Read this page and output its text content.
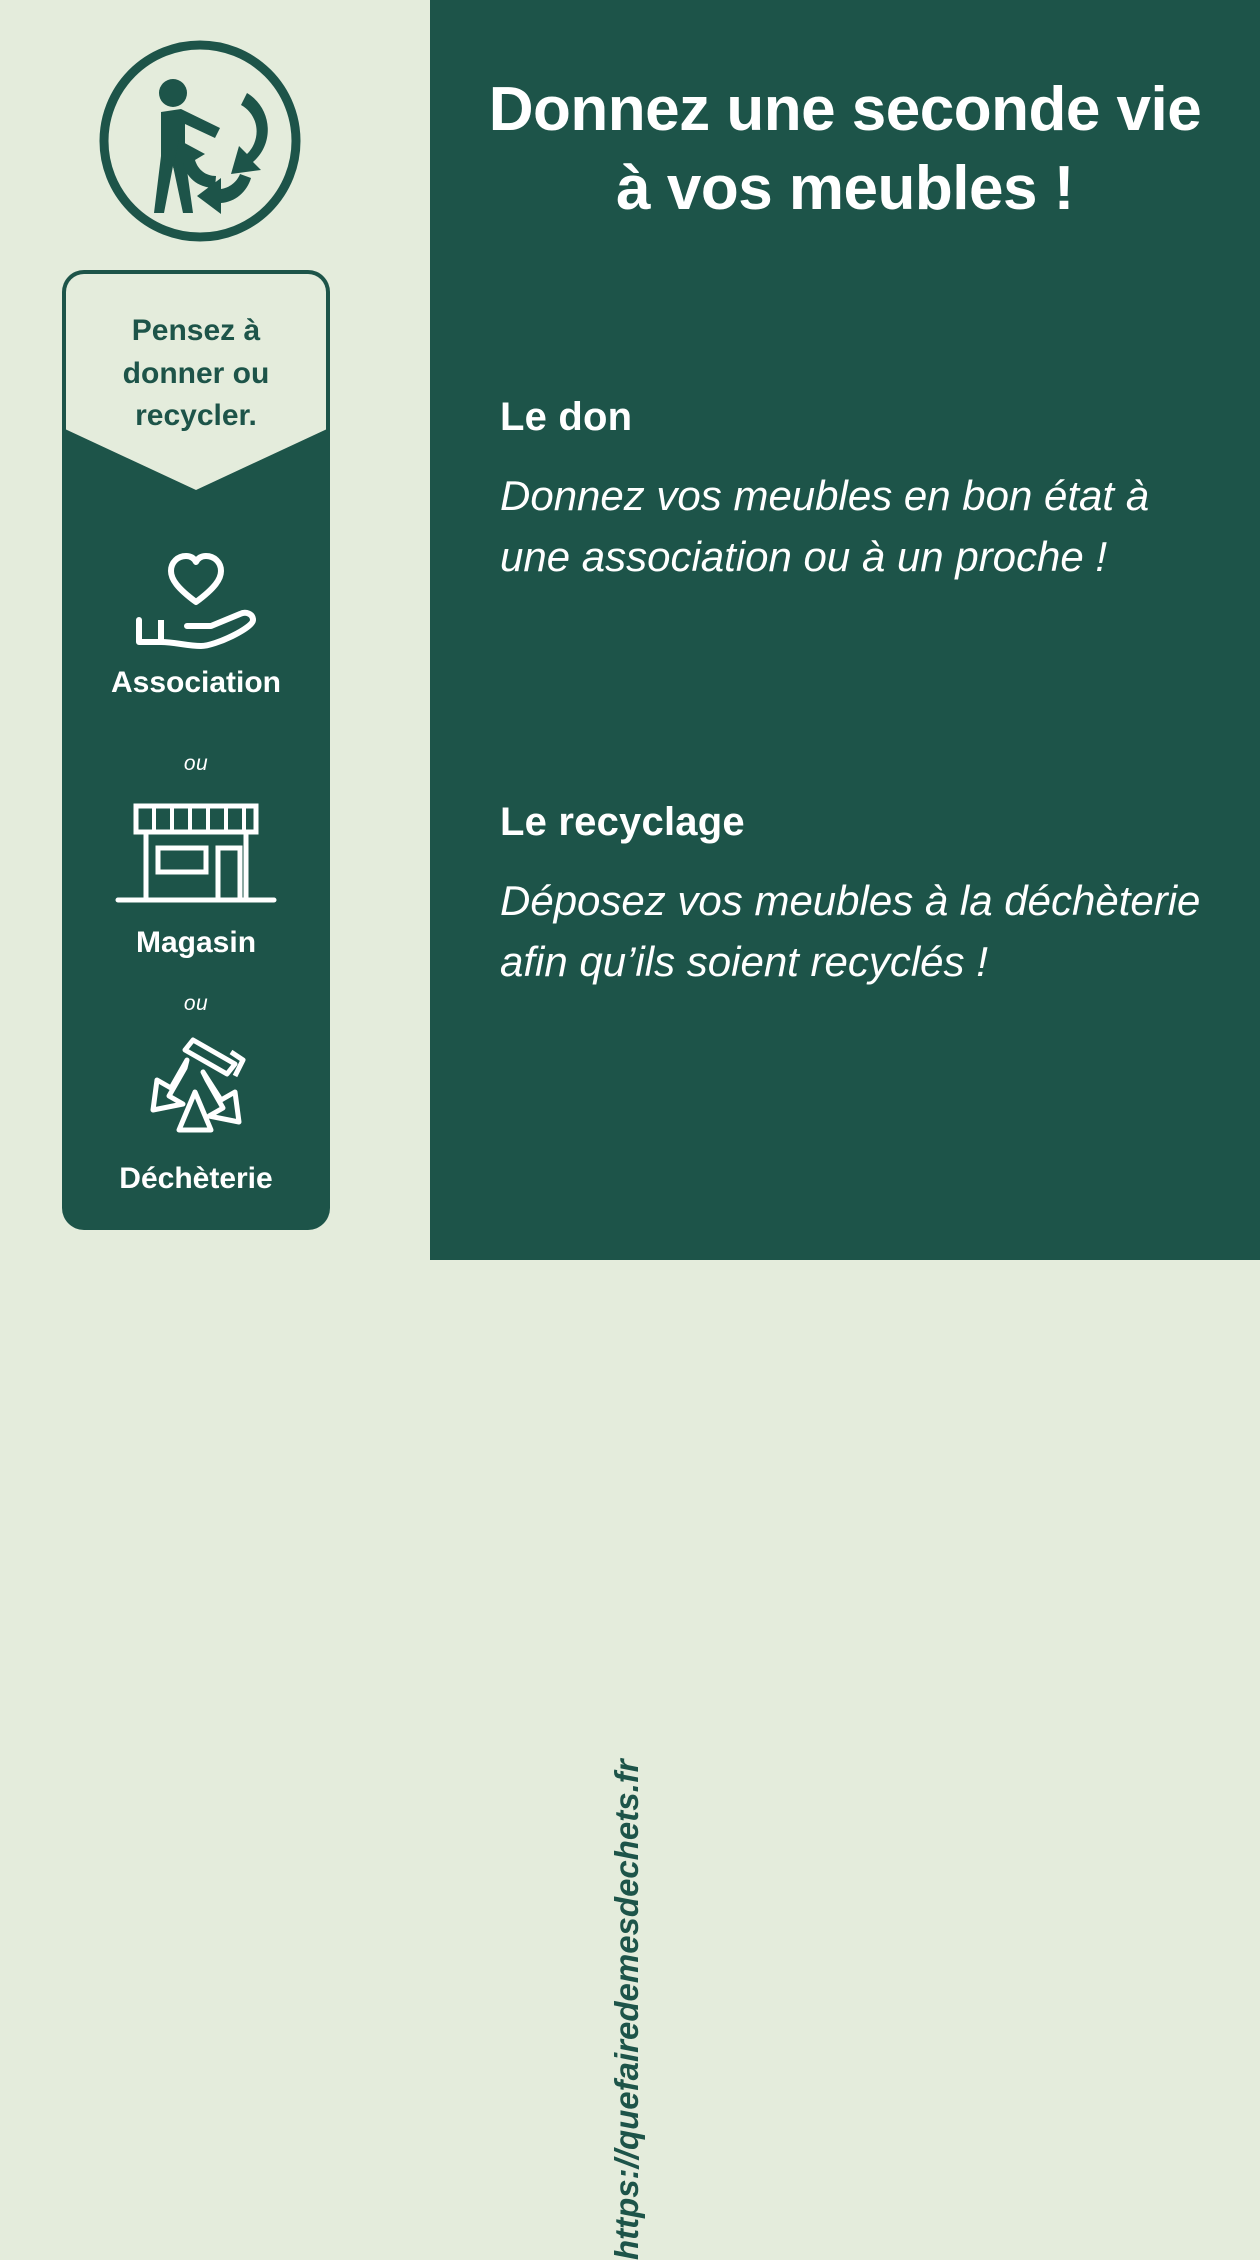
Donnez une seconde vie
à vos meubles !
Le don
Donnez vos meubles en bon état à une association ou à un proche !
Le recyclage
Déposez vos meubles à la déchèterie afin qu’ils soient recyclés !
Pensez à
donner ou
recycler.
Association
ou
Magasin
ou
Déchèterie
https://quefairedemesdechets.fr
